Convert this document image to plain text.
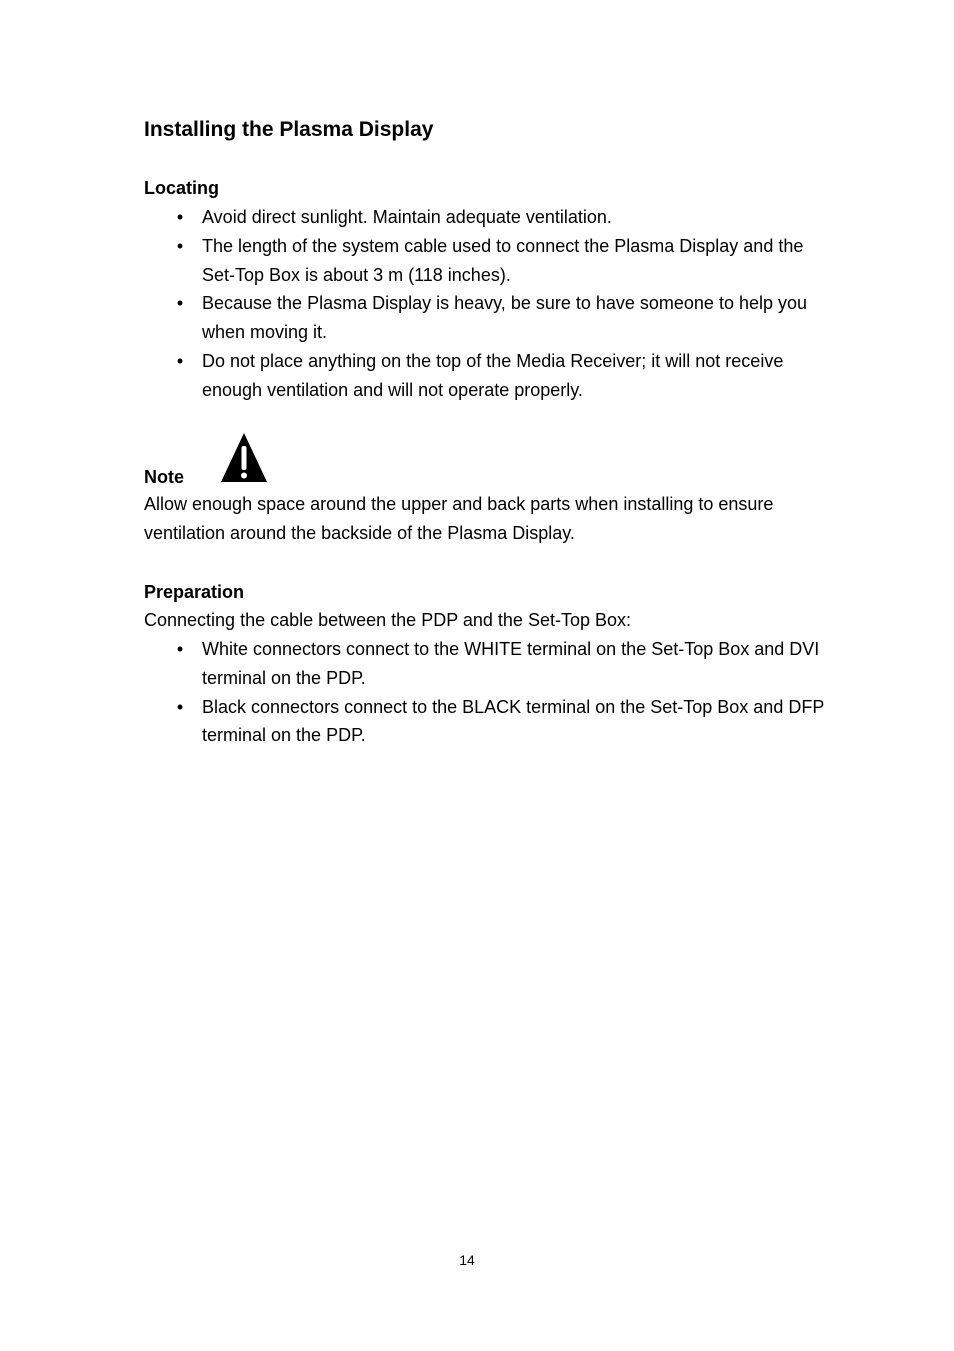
Installing the Plasma Display
Locating
• Avoid direct sunlight. Maintain adequate ventilation.
• The length of the system cable used to connect the Plasma Display and the Set-Top Box is about 3 m (118 inches).
• Because the Plasma Display is heavy, be sure to have someone to help you when moving it.
• Do not place anything on the top of the Media Receiver; it will not receive enough ventilation and will not operate properly.
Note

Allow enough space around the upper and back parts when installing to ensure ventilation around the backside of the Plasma Display.

Preparation

Connecting the cable between the PDP and the Set-Top Box:

• White connectors connect to the WHITE terminal on the Set-Top Box and DVI terminal on the PDP.
• Black connectors connect to the BLACK terminal on the Set-Top Box and DFP terminal on the PDP.
14
